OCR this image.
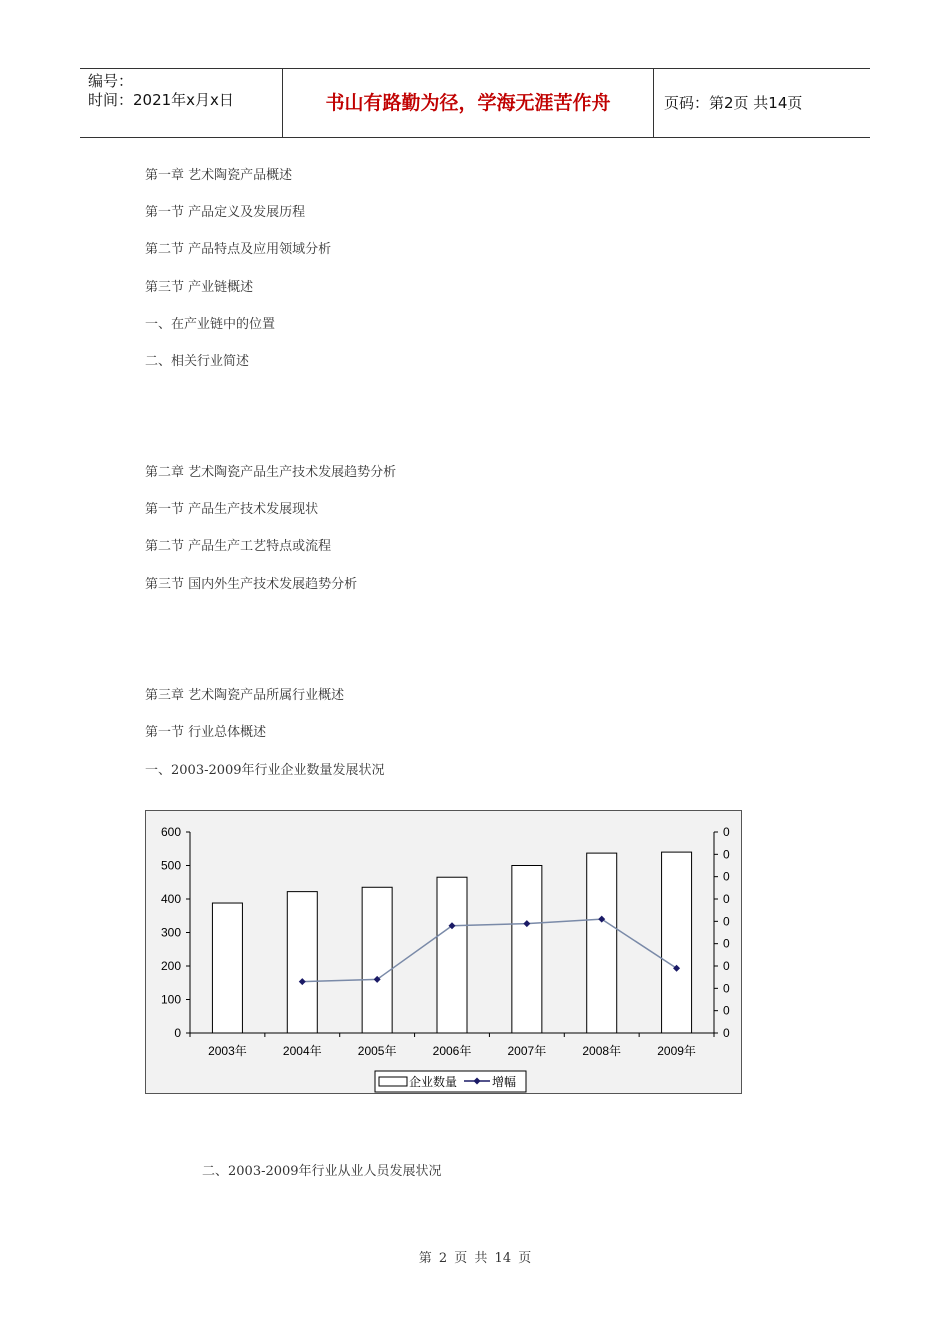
编号：
时间：2021年x月x日	书山有路勤为径，学海无涯苦作舟	页码：第2页 共14页
第一章 艺术陶瓷产品概述
第一节 产品定义及发展历程
第二节 产品特点及应用领域分析
第三节 产业链概述
一、在产业链中的位置
二、相关行业简述
第二章 艺术陶瓷产品生产技术发展趋势分析
第一节 产品生产技术发展现状
第二节 产品生产工艺特点或流程
第三节 国内外生产技术发展趋势分析
第三章 艺术陶瓷产品所属行业概述
第一节 行业总体概述
一、2003-2009年行业企业数量发展状况
600
500
400
300
200
100
0
0
0
0
0
0
0
0
0
0
0
2003年	2004年	2005年	2006年	2007年	2008年	2009年
企业数量	增幅
二、2003-2009年行业从业人员发展状况
第 2 页 共 14 页
